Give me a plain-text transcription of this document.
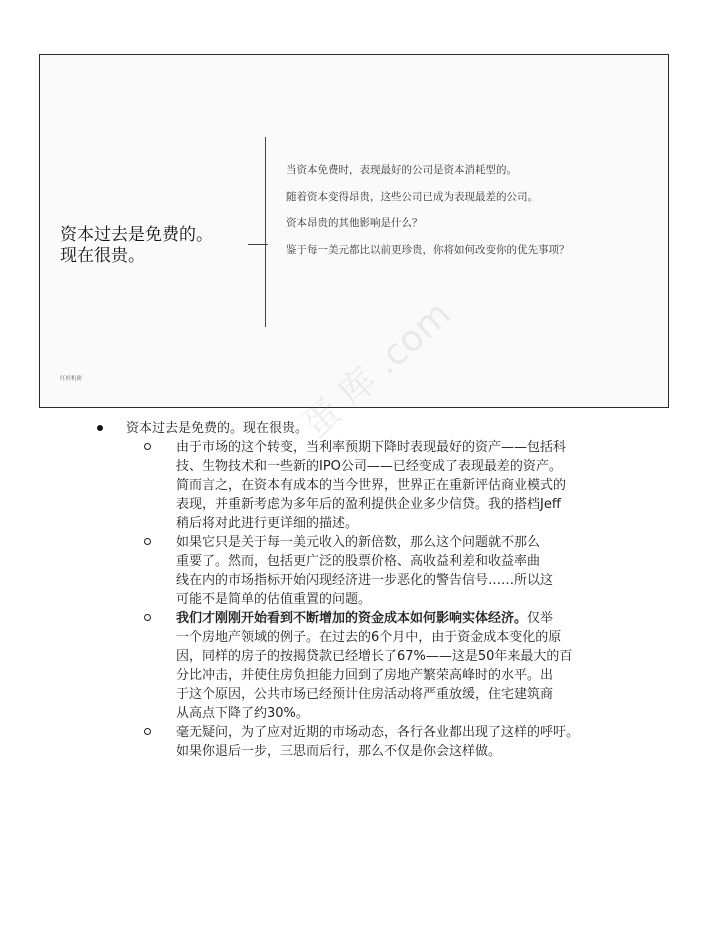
资本过去是免费的。
现在很贵。
当资本免费时，表现最好的公司是资本消耗型的。
随着资本变得昂贵，这些公司已成为表现最差的公司。
资本昂贵的其他影响是什么？
鉴于每一美元都比以前更珍贵，你将如何改变你的优先事项？
红杉机密
资本过去是免费的。现在很贵。
由于市场的这个转变，当利率预期下降时表现最好的资产——包括科
技、生物技术和一些新的IPO公司——已经变成了表现最差的资产。
简而言之，在资本有成本的当今世界，世界正在重新评估商业模式的
表现，并重新考虑为多年后的盈利提供企业多少信贷。我的搭档Jeff
稍后将对此进行更详细的描述。
如果它只是关于每一美元收入的新倍数，那么这个问题就不那么
重要了。然而，包括更广泛的股票价格、高收益利差和收益率曲
线在内的市场指标开始闪现经济进一步恶化的警告信号……所以这
可能不是简单的估值重置的问题。
我们才刚刚开始看到不断增加的资金成本如何影响实体经济。仅举
一个房地产领域的例子。在过去的6个月中，由于资金成本变化的原
因，同样的房子的按揭贷款已经增长了67%——这是50年来最大的百
分比冲击，并使住房负担能力回到了房地产繁荣高峰时的水平。出
于这个原因，公共市场已经预计住房活动将严重放缓，住宅建筑商
从高点下降了约30%。
毫无疑问，为了应对近期的市场动态，各行各业都出现了这样的呼吁。
如果你退后一步，三思而后行，那么不仅是你会这样做。
